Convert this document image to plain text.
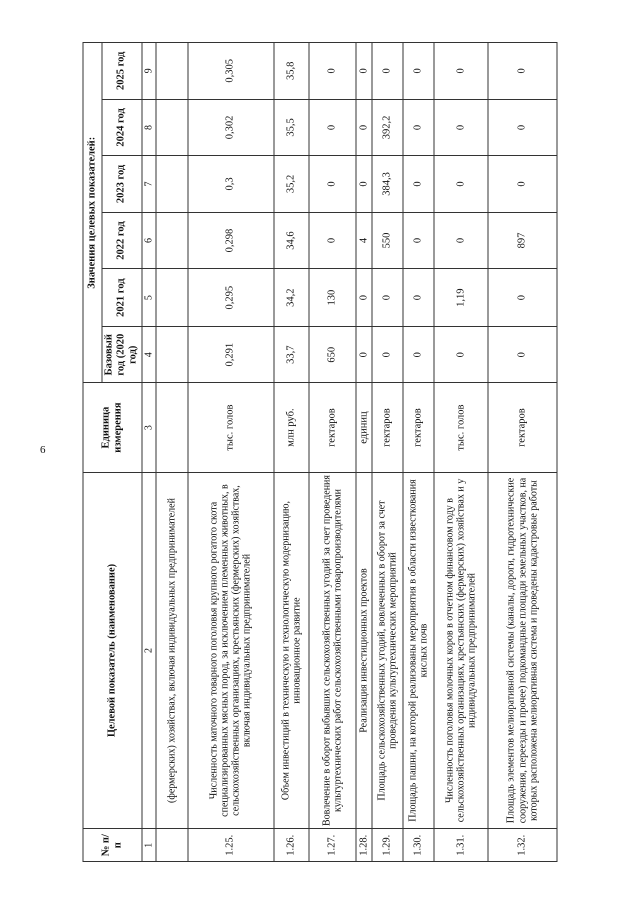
6
№ п/п	Целевой показатель (наименование)	Единица измерения	Значения целевых показателей:					
			Базовый год (2020 год)	2021 год	2022 год	2023 год	2024 год	2025 год
1	2	3	4	5	6	7	8	9
	(фермерских) хозяйствах, включая индивидуальных предпринимателей							
1.25.	Численность маточного товарного поголовья крупного рогатого скота специализированных мясных пород, за исключением племенных животных, в сельскохозяйственных организациях, крестьянских (фермерских) хозяйствах, включая индивидуальных предпринимателей	тыс. голов	0,291	0,295	0,298	0,3	0,302	0,305
1.26.	Объем инвестиций в техническую и технологическую модернизацию, инновационное развитие	млн руб.	33,7	34,2	34,6	35,2	35,5	35,8
1.27.	Вовлечение в оборот выбывших сельскохозяйственных угодий за счет проведения культуртехнических работ сельскохозяйственными товаропроизводителями	гектаров	650	130	0	0	0	0
1.28.	Реализация инвестиционных проектов	единиц	0	0	4	0	0	0
1.29.	Площадь сельскохозяйственных угодий, вовлеченных в оборот за счет проведения культуртехнических мероприятий	гектаров	0	0	550	384,3	392,2	0
1.30.	Площадь пашни, на которой реализованы мероприятия в области известкования кислых почв	гектаров	0	0	0	0	0	0
1.31.	Численность поголовья молочных коров в отчетном финансовом году в сельскохозяйственных организациях, крестьянских (фермерских) хозяйствах и у индивидуальных предпринимателей	тыс. голов	0	1,19	0	0	0	0
1.32.	Площадь элементов мелиоративной системы (каналы, дороги, гидротехнические сооружения, переезды и прочее) подкомандные площади земельных участков, на которых расположена мелиоративная система и проведены кадастровые работы	гектаров	0	0	897	0	0	0
